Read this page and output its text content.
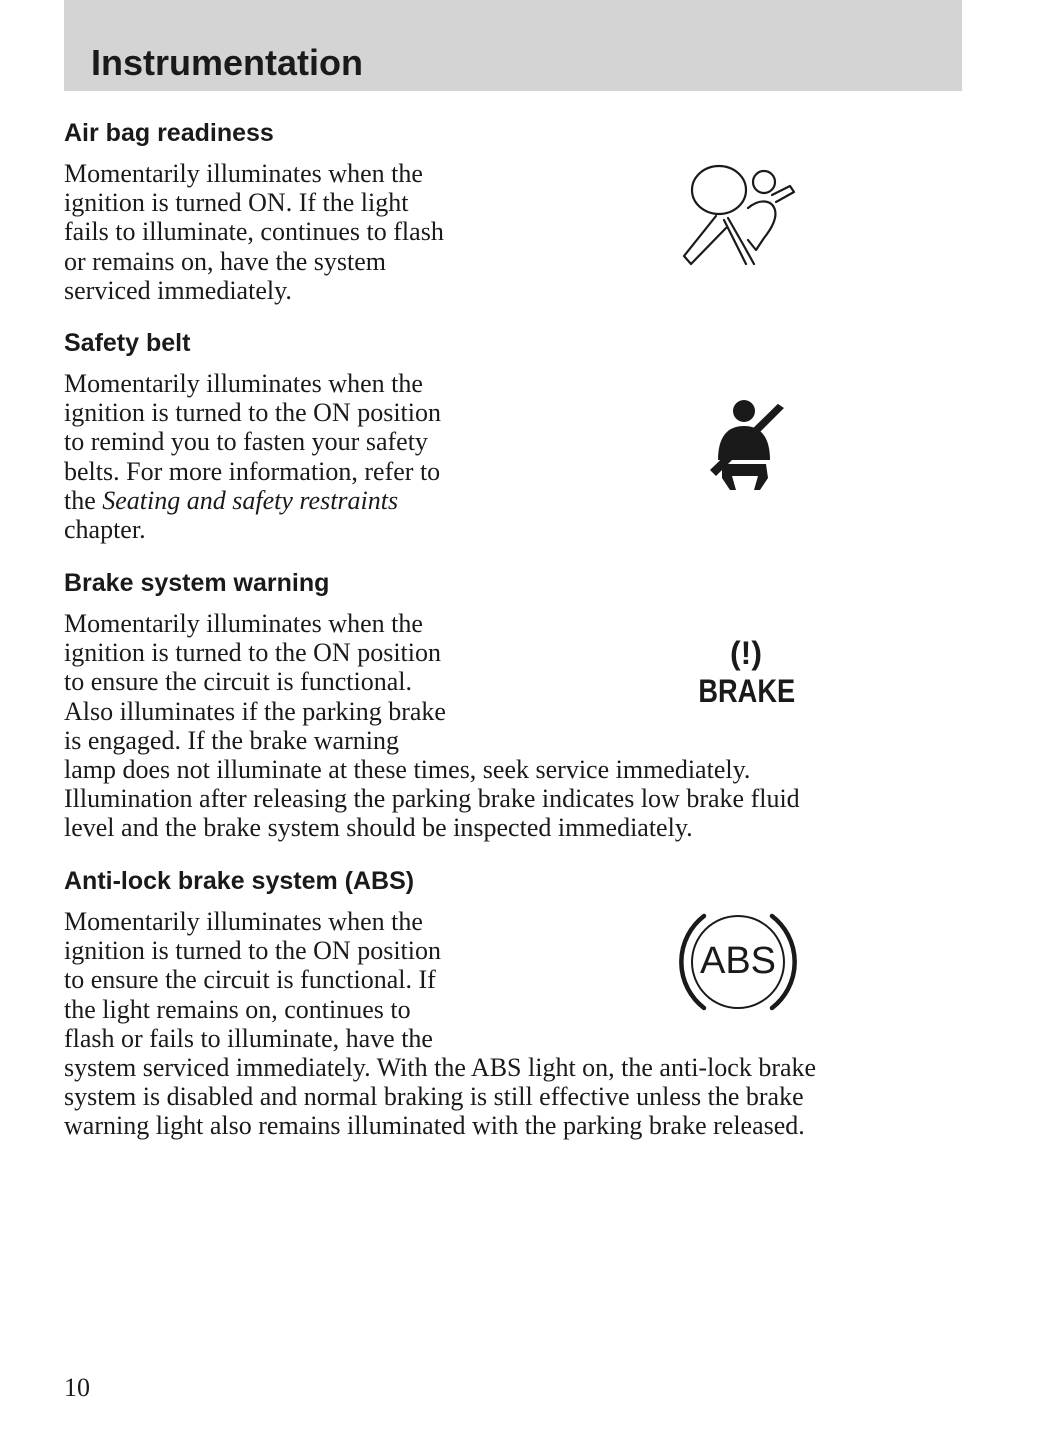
Instrumentation
Air bag readiness

Momentarily illuminates when the
ignition is turned ON. If the light
fails to illuminate, continues to flash
or remains on, have the system
serviced immediately.

Safety belt

Momentarily illuminates when the
ignition is turned to the ON position
to remind you to fasten your safety
belts. For more information, refer to
the Seating and safety restraints
chapter.

Brake system warning

Momentarily illuminates when the
ignition is turned to the ON position
to ensure the circuit is functional.
Also illuminates if the parking brake
is engaged. If the brake warning
lamp does not illuminate at these times, seek service immediately.
Illumination after releasing the parking brake indicates low brake fluid
level and the brake system should be inspected immediately.

(!)
BRAKE
Anti-lock brake system (ABS)

Momentarily illuminates when the
ignition is turned to the ON position
to ensure the circuit is functional. If
the light remains on, continues to
flash or fails to illuminate, have the
system serviced immediately. With the ABS light on, the anti-lock brake
system is disabled and normal braking is still effective unless the brake
warning light also remains illuminated with the parking brake released.

ABS

10
